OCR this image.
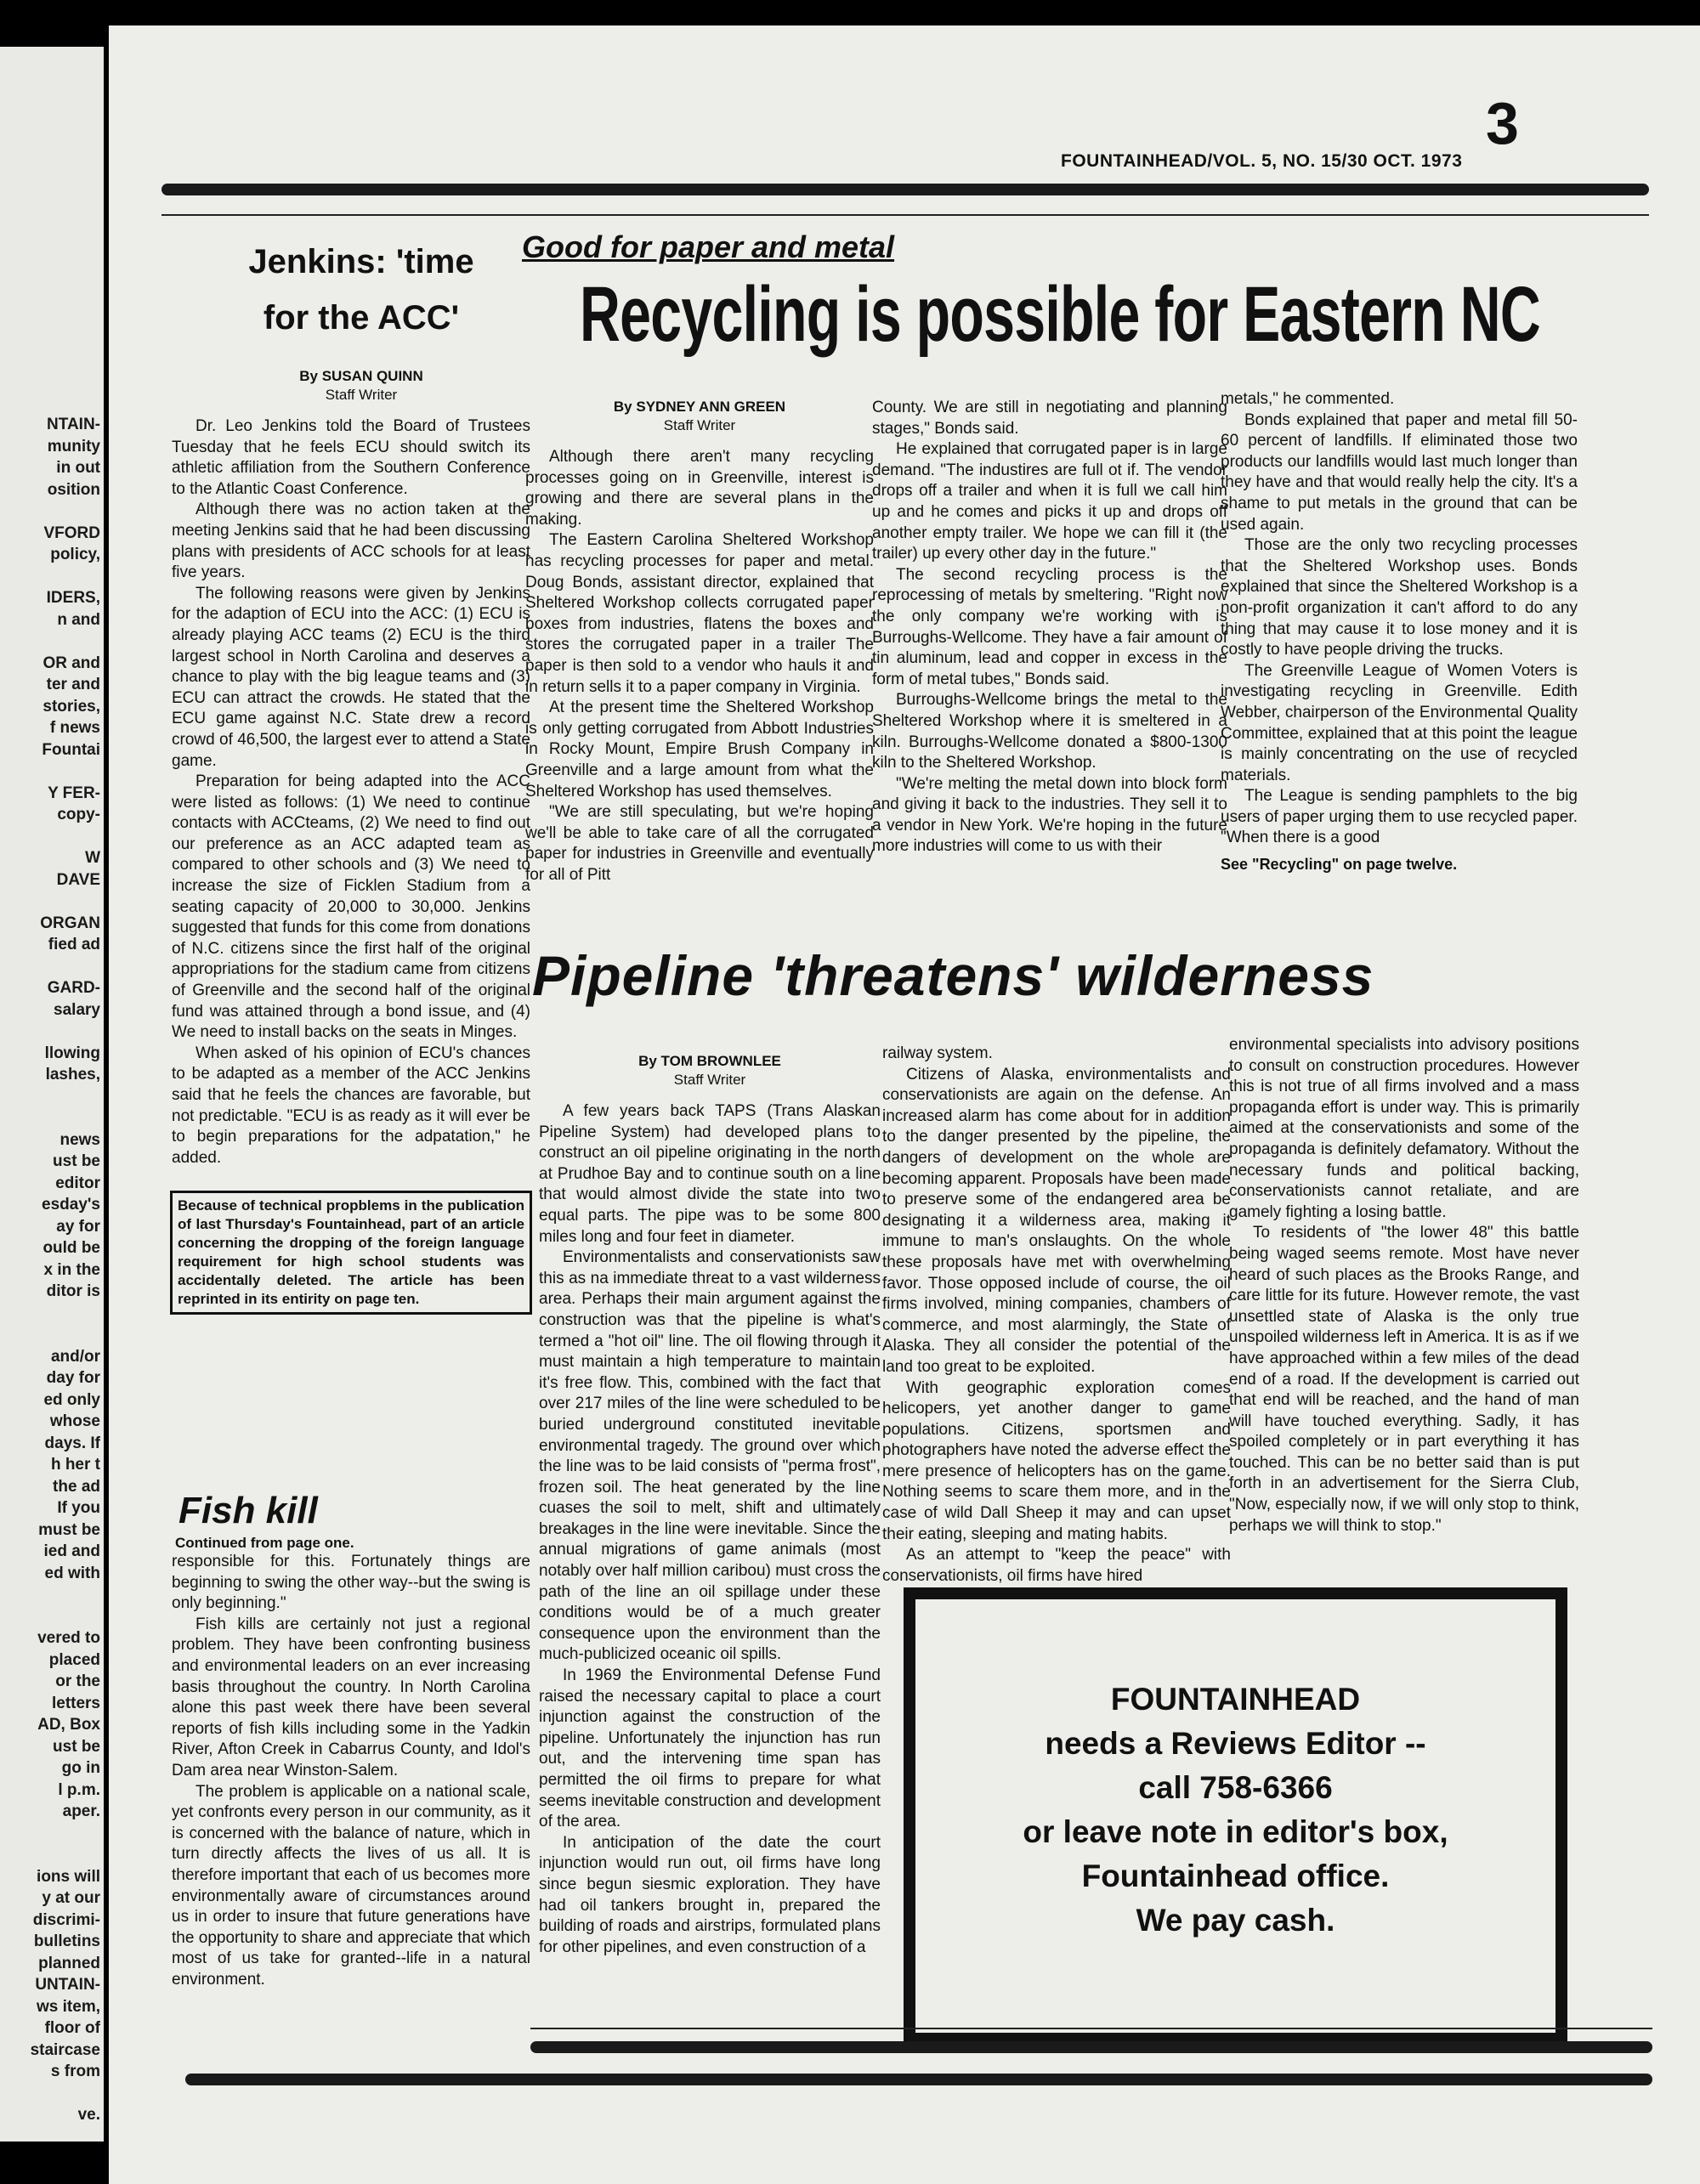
NTAIN-

munity

in out

osition

VFORD

policy,

IDERS,

n and

OR and

ter and

stories,

f news

Fountai

Y FER-

copy-

W

DAVE

ORGAN

fied ad

GARD-

salary

llowing

lashes,

news

ust be

editor

esday's

ay for

ould be

x in the

ditor is

and/or

day for

ed only

whose

days. If

h her t

the ad

If you

must be

ied and

ed with

vered to

placed

or the

letters

AD, Box

ust be

go in

l p.m.

aper.

ions will

y at our

discrimi-

bulletins

planned

UNTAIN-

ws item,

floor of

staircase

s from

ve.

FOUNTAINHEAD/VOL. 5, NO. 15/30 OCT. 1973
3
Jenkins: 'time
for the ACC'
By SUSAN QUINN
Staff Writer

Dr. Leo Jenkins told the Board of Trustees Tuesday that he feels ECU should switch its athletic affiliation from the Southern Conference to the Atlantic Coast Conference.

Although there was no action taken at the meeting Jenkins said that he had been discussing plans with presidents of ACC schools for at least five years.

The following reasons were given by Jenkins for the adaption of ECU into the ACC: (1) ECU is already playing ACC teams (2) ECU is the third largest school in North Carolina and deserves a chance to play with the big league teams and (3) ECU can attract the crowds. He stated that the ECU game against N.C. State drew a record crowd of 46,500, the largest ever to attend a State game.

Preparation for being adapted into the ACC were listed as follows: (1) We need to continue contacts with ACCteams, (2) We need to find out our preference as an ACC adapted team as compared to other schools and (3) We need to increase the size of Ficklen Stadium from a seating capacity of 20,000 to 30,000. Jenkins suggested that funds for this come from donations of N.C. citizens since the first half of the original appropriations for the stadium came from citizens of Greenville and the second half of the original fund was attained through a bond issue, and (4) We need to install backs on the seats in Minges.

When asked of his opinion of ECU's chances to be adapted as a member of the ACC Jenkins said that he feels the chances are favorable, but not predictable. "ECU is as ready as it will ever be to begin preparations for the adpatation," he added.

Because of technical propblems in the publication of last Thursday's Fountainhead, part of an article concerning the dropping of the foreign language requirement for high school students was accidentally deleted. The article has been reprinted in its entirity on page ten.
Fish kill
Continued from page one.

responsible for this. Fortunately things are beginning to swing the other way--but the swing is only beginning."

Fish kills are certainly not just a regional problem. They have been confronting business and environmental leaders on an ever increasing basis throughout the country. In North Carolina alone this past week there have been several reports of fish kills including some in the Yadkin River, Afton Creek in Cabarrus County, and Idol's Dam area near Winston-Salem.

The problem is applicable on a national scale, yet confronts every person in our community, as it is concerned with the balance of nature, which in turn directly affects the lives of us all. It is therefore important that each of us becomes more environmentally aware of circumstances around us in order to insure that future generations have the opportunity to share and appreciate that which most of us take for granted--life in a natural environment.

Good for paper and metal
Recycling is possible for Eastern NC
By SYDNEY ANN GREEN
Staff Writer

Although there aren't many recycling processes going on in Greenville, interest is growing and there are several plans in the making.

The Eastern Carolina Sheltered Workshop has recycling processes for paper and metal. Doug Bonds, assistant director, explained that Sheltered Workshop collects corrugated paper boxes from industries, flatens the boxes and stores the corrugated paper in a trailer The paper is then sold to a vendor who hauls it and in return sells it to a paper company in Virginia.

At the present time the Sheltered Workshop is only getting corrugated from Abbott Industries in Rocky Mount, Empire Brush Company in Greenville and a large amount from what the Sheltered Workshop has used themselves.

"We are still speculating, but we're hoping we'll be able to take care of all the corrugated paper for industries in Greenville and eventually for all of Pitt

County. We are still in negotiating and planning stages," Bonds said.

He explained that corrugated paper is in large demand. "The industires are full ot if. The vendor drops off a trailer and when it is full we call him up and he comes and picks it up and drops off another empty trailer. We hope we can fill it (the trailer) up every other day in the future."

The second recycling process is the reprocessing of metals by smeltering. "Right now the only company we're working with is Burroughs-Wellcome. They have a fair amount of tin aluminum, lead and copper in excess in the form of metal tubes," Bonds said.

Burroughs-Wellcome brings the metal to the Sheltered Workshop where it is smeltered in a kiln. Burroughs-Wellcome donated a $800-1300 kiln to the Sheltered Workshop.

"We're melting the metal down into block form and giving it back to the industries. They sell it to a vendor in New York. We're hoping in the future more industries will come to us with their

metals," he commented.

Bonds explained that paper and metal fill 50-60 percent of landfills. If eliminated those two products our landfills would last much longer than they have and that would really help the city. It's a shame to put metals in the ground that can be used again.

Those are the only two recycling processes that the Sheltered Workshop uses. Bonds explained that since the Sheltered Workshop is a non-profit organization it can't afford to do any thing that may cause it to lose money and it is costly to have people driving the trucks.

The Greenville League of Women Voters is investigating recycling in Greenville. Edith Webber, chairperson of the Environmental Quality Committee, explained that at this point the league is mainly concentrating on the use of recycled materials.

The League is sending pamphlets to the big users of paper urging them to use recycled paper. "When there is a good

See "Recycling" on page twelve.
Pipeline 'threatens' wilderness
By TOM BROWNLEE
Staff Writer

A few years back TAPS (Trans Alaskan Pipeline System) had developed plans to construct an oil pipeline originating in the north at Prudhoe Bay and to continue south on a line that would almost divide the state into two equal parts. The pipe was to be some 800 miles long and four feet in diameter.

Environmentalists and conservationists saw this as na immediate threat to a vast wilderness area. Perhaps their main argument against the construction was that the pipeline is what's termed a "hot oil" line. The oil flowing through it must maintain a high temperature to maintain it's free flow. This, combined with the fact that over 217 miles of the line were scheduled to be buried underground constituted inevitable environmental tragedy. The ground over which the line was to be laid consists of "perma frost", frozen soil. The heat generated by the line cuases the soil to melt, shift and ultimately breakages in the line were inevitable. Since the annual migrations of game animals (most notably over half million caribou) must cross the path of the line an oil spillage under these conditions would be of a much greater consequence upon the environment than the much-publicized oceanic oil spills.

In 1969 the Environmental Defense Fund raised the necessary capital to place a court injunction against the construction of the pipeline. Unfortunately the injunction has run out, and the intervening time span has permitted the oil firms to prepare for what seems inevitable construction and development of the area.

In anticipation of the date the court injunction would run out, oil firms have long since begun siesmic exploration. They have had oil tankers brought in, prepared the building of roads and airstrips, formulated plans for other pipelines, and even construction of a

railway system.

Citizens of Alaska, environmentalists and conservationists are again on the defense. An increased alarm has come about for in addition to the danger presented by the pipeline, the dangers of development on the whole are becoming apparent. Proposals have been made to preserve some of the endangered area be designating it a wilderness area, making it immune to man's onslaughts. On the whole these proposals have met with overwhelming favor. Those opposed include of course, the oil firms involved, mining companies, chambers of commerce, and most alarmingly, the State of Alaska. They all consider the potential of the land too great to be exploited.

With geographic exploration comes helicopers, yet another danger to game populations. Citizens, sportsmen and photographers have noted the adverse effect the mere presence of helicopters has on the game. Nothing seems to scare them more, and in the case of wild Dall Sheep it may and can upset their eating, sleeping and mating habits.

As an attempt to "keep the peace" with conservationists, oil firms have hired

environmental specialists into advisory positions to consult on construction procedures. However this is not true of all firms involved and a mass propaganda effort is under way. This is primarily aimed at the conservationists and some of the propaganda is definitely defamatory. Without the necessary funds and political backing, conservationists cannot retaliate, and are gamely fighting a losing battle.

To residents of "the lower 48" this battle being waged seems remote. Most have never heard of such places as the Brooks Range, and care little for its future. However remote, the vast unsettled state of Alaska is the only true unspoiled wilderness left in America. It is as if we have approached within a few miles of the dead end of a road. If the development is carried out that end will be reached, and the hand of man will have touched everything. Sadly, it has spoiled completely or in part everything it has touched. This can be no better said than is put forth in an advertisement for the Sierra Club, "Now, especially now, if we will only stop to think, perhaps we will think to stop."

FOUNTAINHEAD
needs a Reviews Editor --
call 758-6366
or leave note in editor's box,
Fountainhead office.
We pay cash.
